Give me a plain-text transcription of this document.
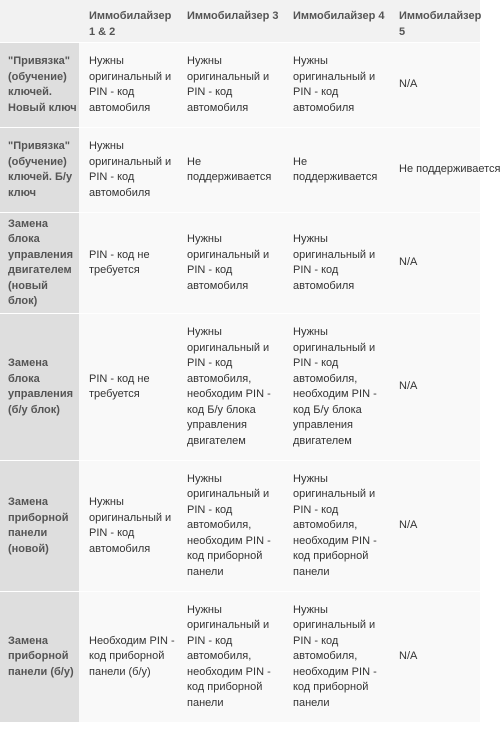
	Иммобилайзер 1 & 2	Иммобилайзер 3	Иммобилайзер 4	Иммобилайзер 5
"Привязка" (обучение) ключей. Новый ключ	Нужны оригинальный и PIN - код автомобиля	Нужны оригинальный и PIN - код автомобиля	Нужны оригинальный и PIN - код автомобиля	N/A
"Привязка" (обучение) ключей. Б/у ключ	Нужны оригинальный и PIN - код автомобиля	Не поддерживается	Не поддерживается	Не поддерживается
Замена блока управления двигателем (новый блок)	PIN - код не требуется	Нужны оригинальный и PIN - код автомобиля	Нужны оригинальный и PIN - код автомобиля	N/A
Замена блока управления (б/у блок)	PIN - код не требуется	Нужны оригинальный и PIN - код автомобиля, необходим PIN - код Б/у блока управления двигателем	Нужны оригинальный и PIN - код автомобиля, необходим PIN - код Б/у блока управления двигателем	N/A
Замена приборной панели (новой)	Нужны оригинальный и PIN - код автомобиля	Нужны оригинальный и PIN - код автомобиля, необходим PIN - код приборной панели	Нужны оригинальный и PIN - код автомобиля, необходим PIN - код приборной панели	N/A
Замена приборной панели (б/у)	Необходим PIN - код приборной панели (б/у)	Нужны оригинальный и PIN - код автомобиля, необходим PIN - код приборной панели	Нужны оригинальный и PIN - код автомобиля, необходим PIN - код приборной панели	N/A
